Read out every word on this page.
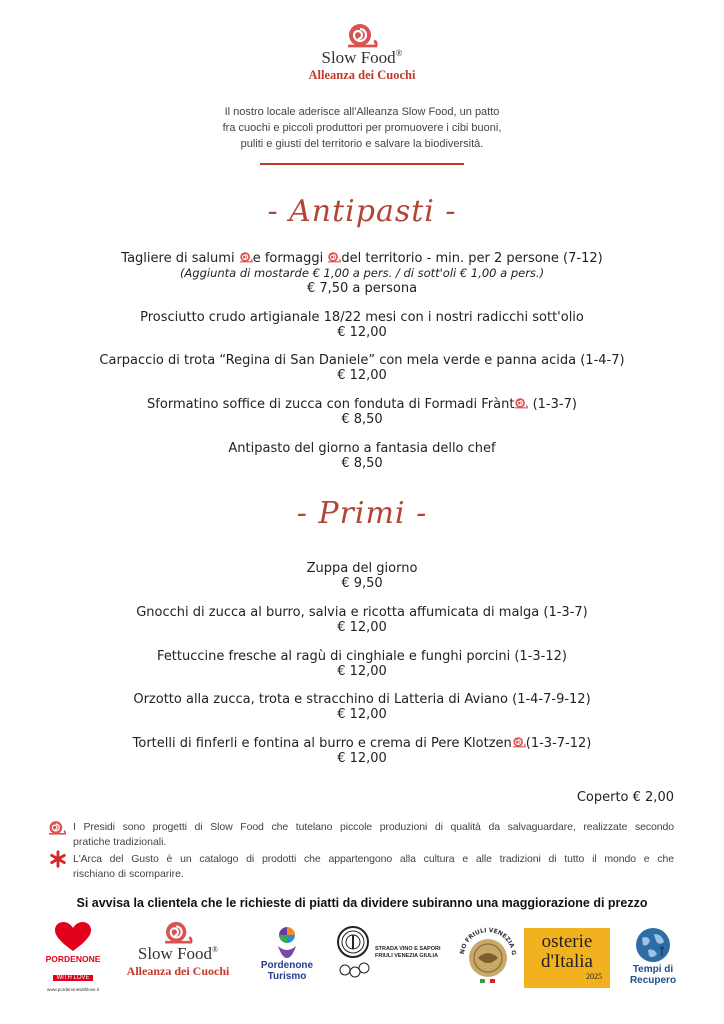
Slow Food®
Alleanza dei Cuochi
Il nostro locale aderisce all'Alleanza Slow Food, un patto
fra cuochi e piccoli produttori per promuovere i cibi buoni,
puliti e giusti del territorio e salvare la biodiversità.
- Antipasti -
Tagliere di salumi e formaggi del territorio - min. per 2 persone (7-12)
(Aggiunta di mostarde € 1,00 a pers. / di sott'oli € 1,00 a pers.)
€ 7,50 a persona
Prosciutto crudo artigianale 18/22 mesi con i nostri radicchi sott'olio
€ 12,00
Carpaccio di trota “Regina di San Daniele” con mela verde e panna acida (1-4-7)
€ 12,00
Sformatino soffice di zucca con fonduta di Formadi Frànt (1-3-7)
€ 8,50
Antipasto del giorno a fantasia dello chef
€ 8,50
- Primi -
Zuppa del giorno
€ 9,50
Gnocchi di zucca al burro, salvia e ricotta affumicata di malga (1-3-7)
€ 12,00
Fettuccine fresche al ragù di cinghiale e funghi porcini (1-3-12)
€ 12,00
Orzotto alla zucca, trota e stracchino di Latteria di Aviano (1-4-7-9-12)
€ 12,00
Tortelli di finferli e fontina al burro e crema di Pere Klotzen (1-3-7-12)
€ 12,00
Coperto € 2,00
I Presidi sono progetti di Slow Food che tutelano piccole produzioni di qualità da salvaguardare, realizzate secondo
pratiche tradizionali.
L'Arca del Gusto è un catalogo di prodotti che appartengono alla cultura e alle tradizioni di tutto il mondo e che
rischiano di scomparire.
Si avvisa la clientela che le richieste di piatti da dividere subiranno una maggiorazione di prezzo
PORDENONE
WITH LOVE
www.pordenonewithlove.it
Slow Food®
Alleanza dei Cuochi	Pordenone
Turismo
STRADA VINO E SAPORI
FRIULI VENEZIA GIULIA
NO FRIULI VENEZIA G
osterie
d'Italia
2025
Tempi di
Recupero
